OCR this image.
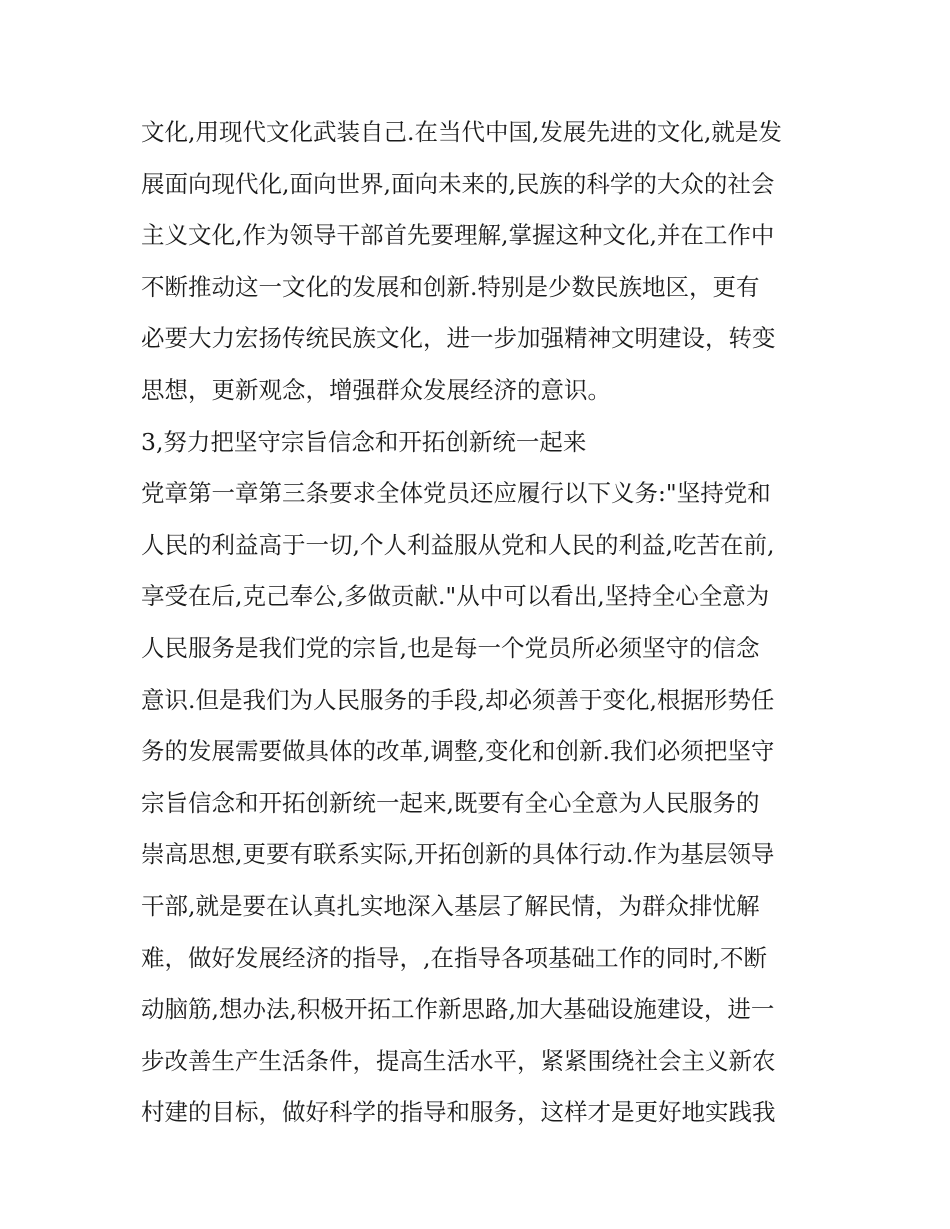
文化,用现代文化武装自己.在当代中国,发展先进的文化,就是发
展面向现代化,面向世界,面向未来的,民族的科学的大众的社会
主义文化,作为领导干部首先要理解,掌握这种文化,并在工作中
不断推动这一文化的发展和创新.特别是少数民族地区，更有
必要大力宏扬传统民族文化，进一步加强精神文明建设，转变
思想，更新观念，增强群众发展经济的意识。
3,努力把坚守宗旨信念和开拓创新统一起来
党章第一章第三条要求全体党员还应履行以下义务:"坚持党和
人民的利益高于一切,个人利益服从党和人民的利益,吃苦在前,
享受在后,克己奉公,多做贡献."从中可以看出,坚持全心全意为
人民服务是我们党的宗旨,也是每一个党员所必须坚守的信念
意识.但是我们为人民服务的手段,却必须善于变化,根据形势任
务的发展需要做具体的改革,调整,变化和创新.我们必须把坚守
宗旨信念和开拓创新统一起来,既要有全心全意为人民服务的
崇高思想,更要有联系实际,开拓创新的具体行动.作为基层领导
干部,就是要在认真扎实地深入基层了解民情，为群众排忧解
难，做好发展经济的指导，,在指导各项基础工作的同时,不断
动脑筋,想办法,积极开拓工作新思路,加大基础设施建设，进一
步改善生产生活条件，提高生活水平，紧紧围绕社会主义新农
村建的目标，做好科学的指导和服务，这样才是更好地实践我
